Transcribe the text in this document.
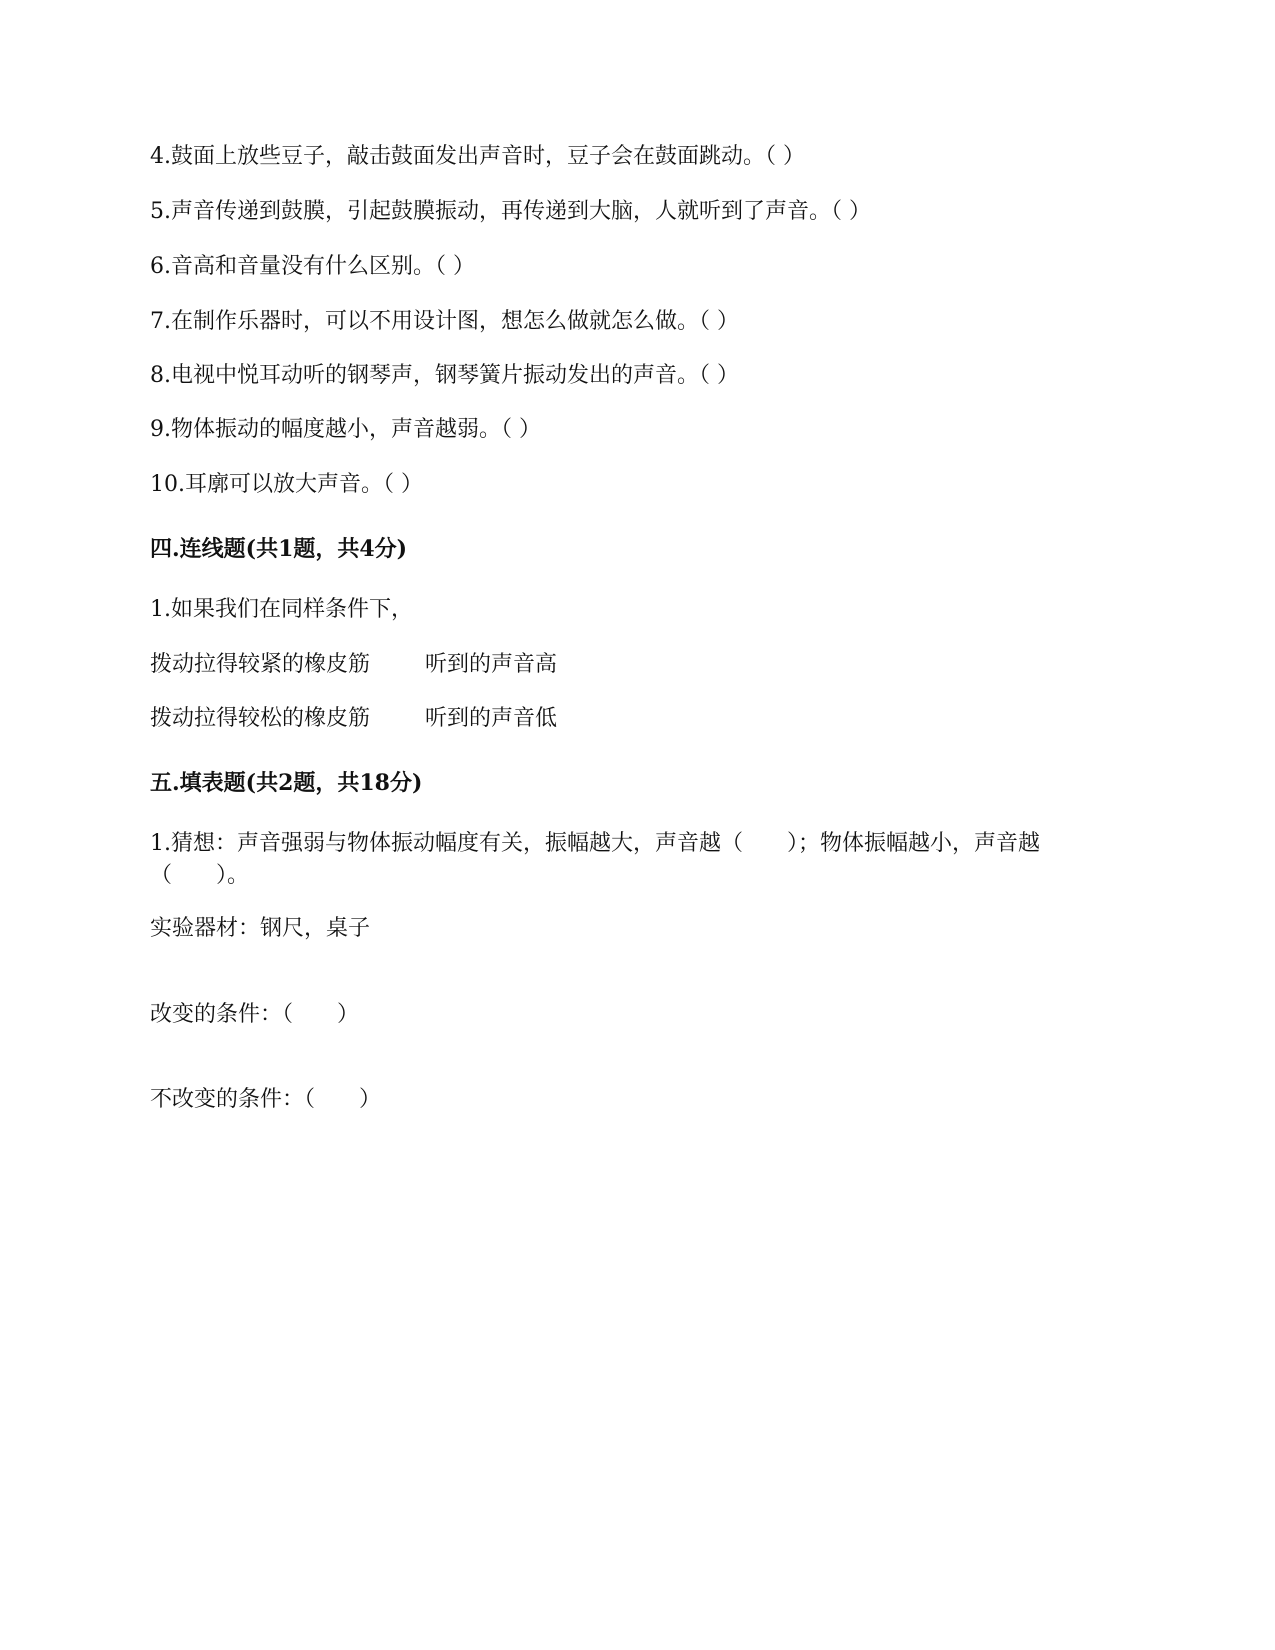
4.鼓面上放些豆子，敲击鼓面发出声音时，豆子会在鼓面跳动。（ ）
5.声音传递到鼓膜，引起鼓膜振动，再传递到大脑，人就听到了声音。（ ）
6.音高和音量没有什么区别。（ ）
7.在制作乐器时，可以不用设计图，想怎么做就怎么做。（ ）
8.电视中悦耳动听的钢琴声，钢琴簧片振动发出的声音。（ ）
9.物体振动的幅度越小，声音越弱。（ ）
10.耳廓可以放大声音。（ ）
四.连线题(共1题，共4分)
1.如果我们在同样条件下，
拨动拉得较紧的橡皮筋 听到的声音高
拨动拉得较松的橡皮筋 听到的声音低
五.填表题(共2题，共18分)
1.猜想：声音强弱与物体振动幅度有关，振幅越大，声音越（　　）；物体振幅越小，声音越（　　）。
实验器材：钢尺，桌子
改变的条件：（　　）
不改变的条件：（　　）
